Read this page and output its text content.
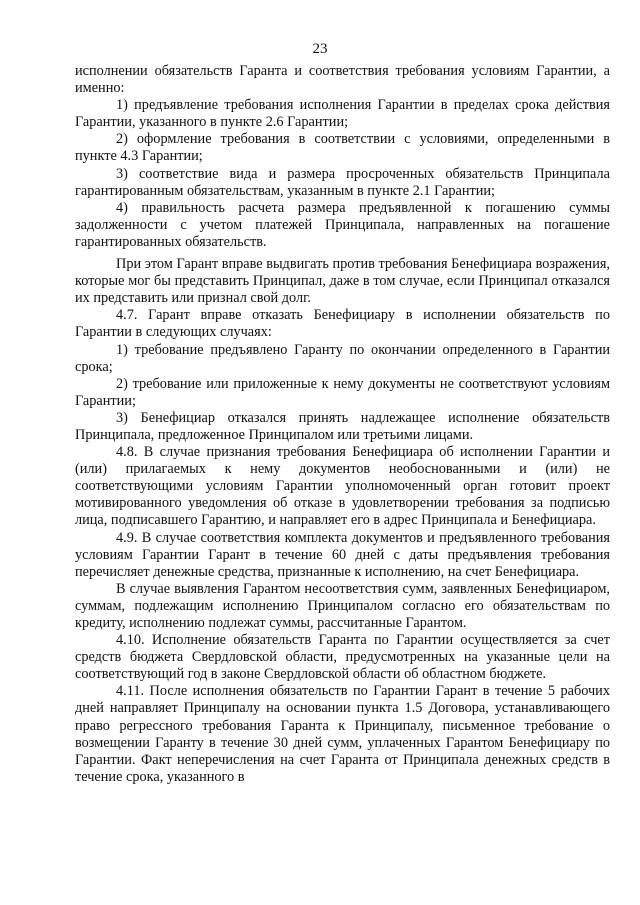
23

исполнении обязательств Гаранта и соответствия требования условиям Гарантии, а именно:

1) предъявление требования исполнения Гарантии в пределах срока действия Гарантии, указанного в пункте 2.6 Гарантии;

2) оформление требования в соответствии с условиями, определенными в пункте 4.3 Гарантии;

3) соответствие вида и размера просроченных обязательств Принципала гарантированным обязательствам, указанным в пункте 2.1 Гарантии;

4) правильность расчета размера предъявленной к погашению суммы задолженности с учетом платежей Принципала, направленных на погашение гарантированных обязательств.

При этом Гарант вправе выдвигать против требования Бенефициара возражения, которые мог бы представить Принципал, даже в том случае, если Принципал отказался их представить или признал свой долг.

4.7. Гарант вправе отказать Бенефициару в исполнении обязательств по Гарантии в следующих случаях:

1) требование предъявлено Гаранту по окончании определенного в Гарантии срока;

2) требование или приложенные к нему документы не соответствуют условиям Гарантии;

3) Бенефициар отказался принять надлежащее исполнение обязательств Принципала, предложенное Принципалом или третьими лицами.

4.8. В случае признания требования Бенефициара об исполнении Гарантии и (или) прилагаемых к нему документов необоснованными и (или) не соответствующими условиям Гарантии уполномоченный орган готовит проект мотивированного уведомления об отказе в удовлетворении требования за подписью лица, подписавшего Гарантию, и направляет его в адрес Принципала и Бенефициара.

4.9. В случае соответствия комплекта документов и предъявленного требования условиям Гарантии Гарант в течение 60 дней с даты предъявления требования перечисляет денежные средства, признанные к исполнению, на счет Бенефициара.

В случае выявления Гарантом несоответствия сумм, заявленных Бенефициаром, суммам, подлежащим исполнению Принципалом согласно его обязательствам по кредиту, исполнению подлежат суммы, рассчитанные Гарантом.

4.10. Исполнение обязательств Гаранта по Гарантии осуществляется за счет средств бюджета Свердловской области, предусмотренных на указанные цели на соответствующий год в законе Свердловской области об областном бюджете.

4.11. После исполнения обязательств по Гарантии Гарант в течение 5 рабочих дней направляет Принципалу на основании пункта 1.5 Договора, устанавливающего право регрессного требования Гаранта к Принципалу, письменное требование о возмещении Гаранту в течение 30 дней сумм, уплаченных Гарантом Бенефициару по Гарантии. Факт неперечисления на счет Гаранта от Принципала денежных средств в течение срока, указанного в
